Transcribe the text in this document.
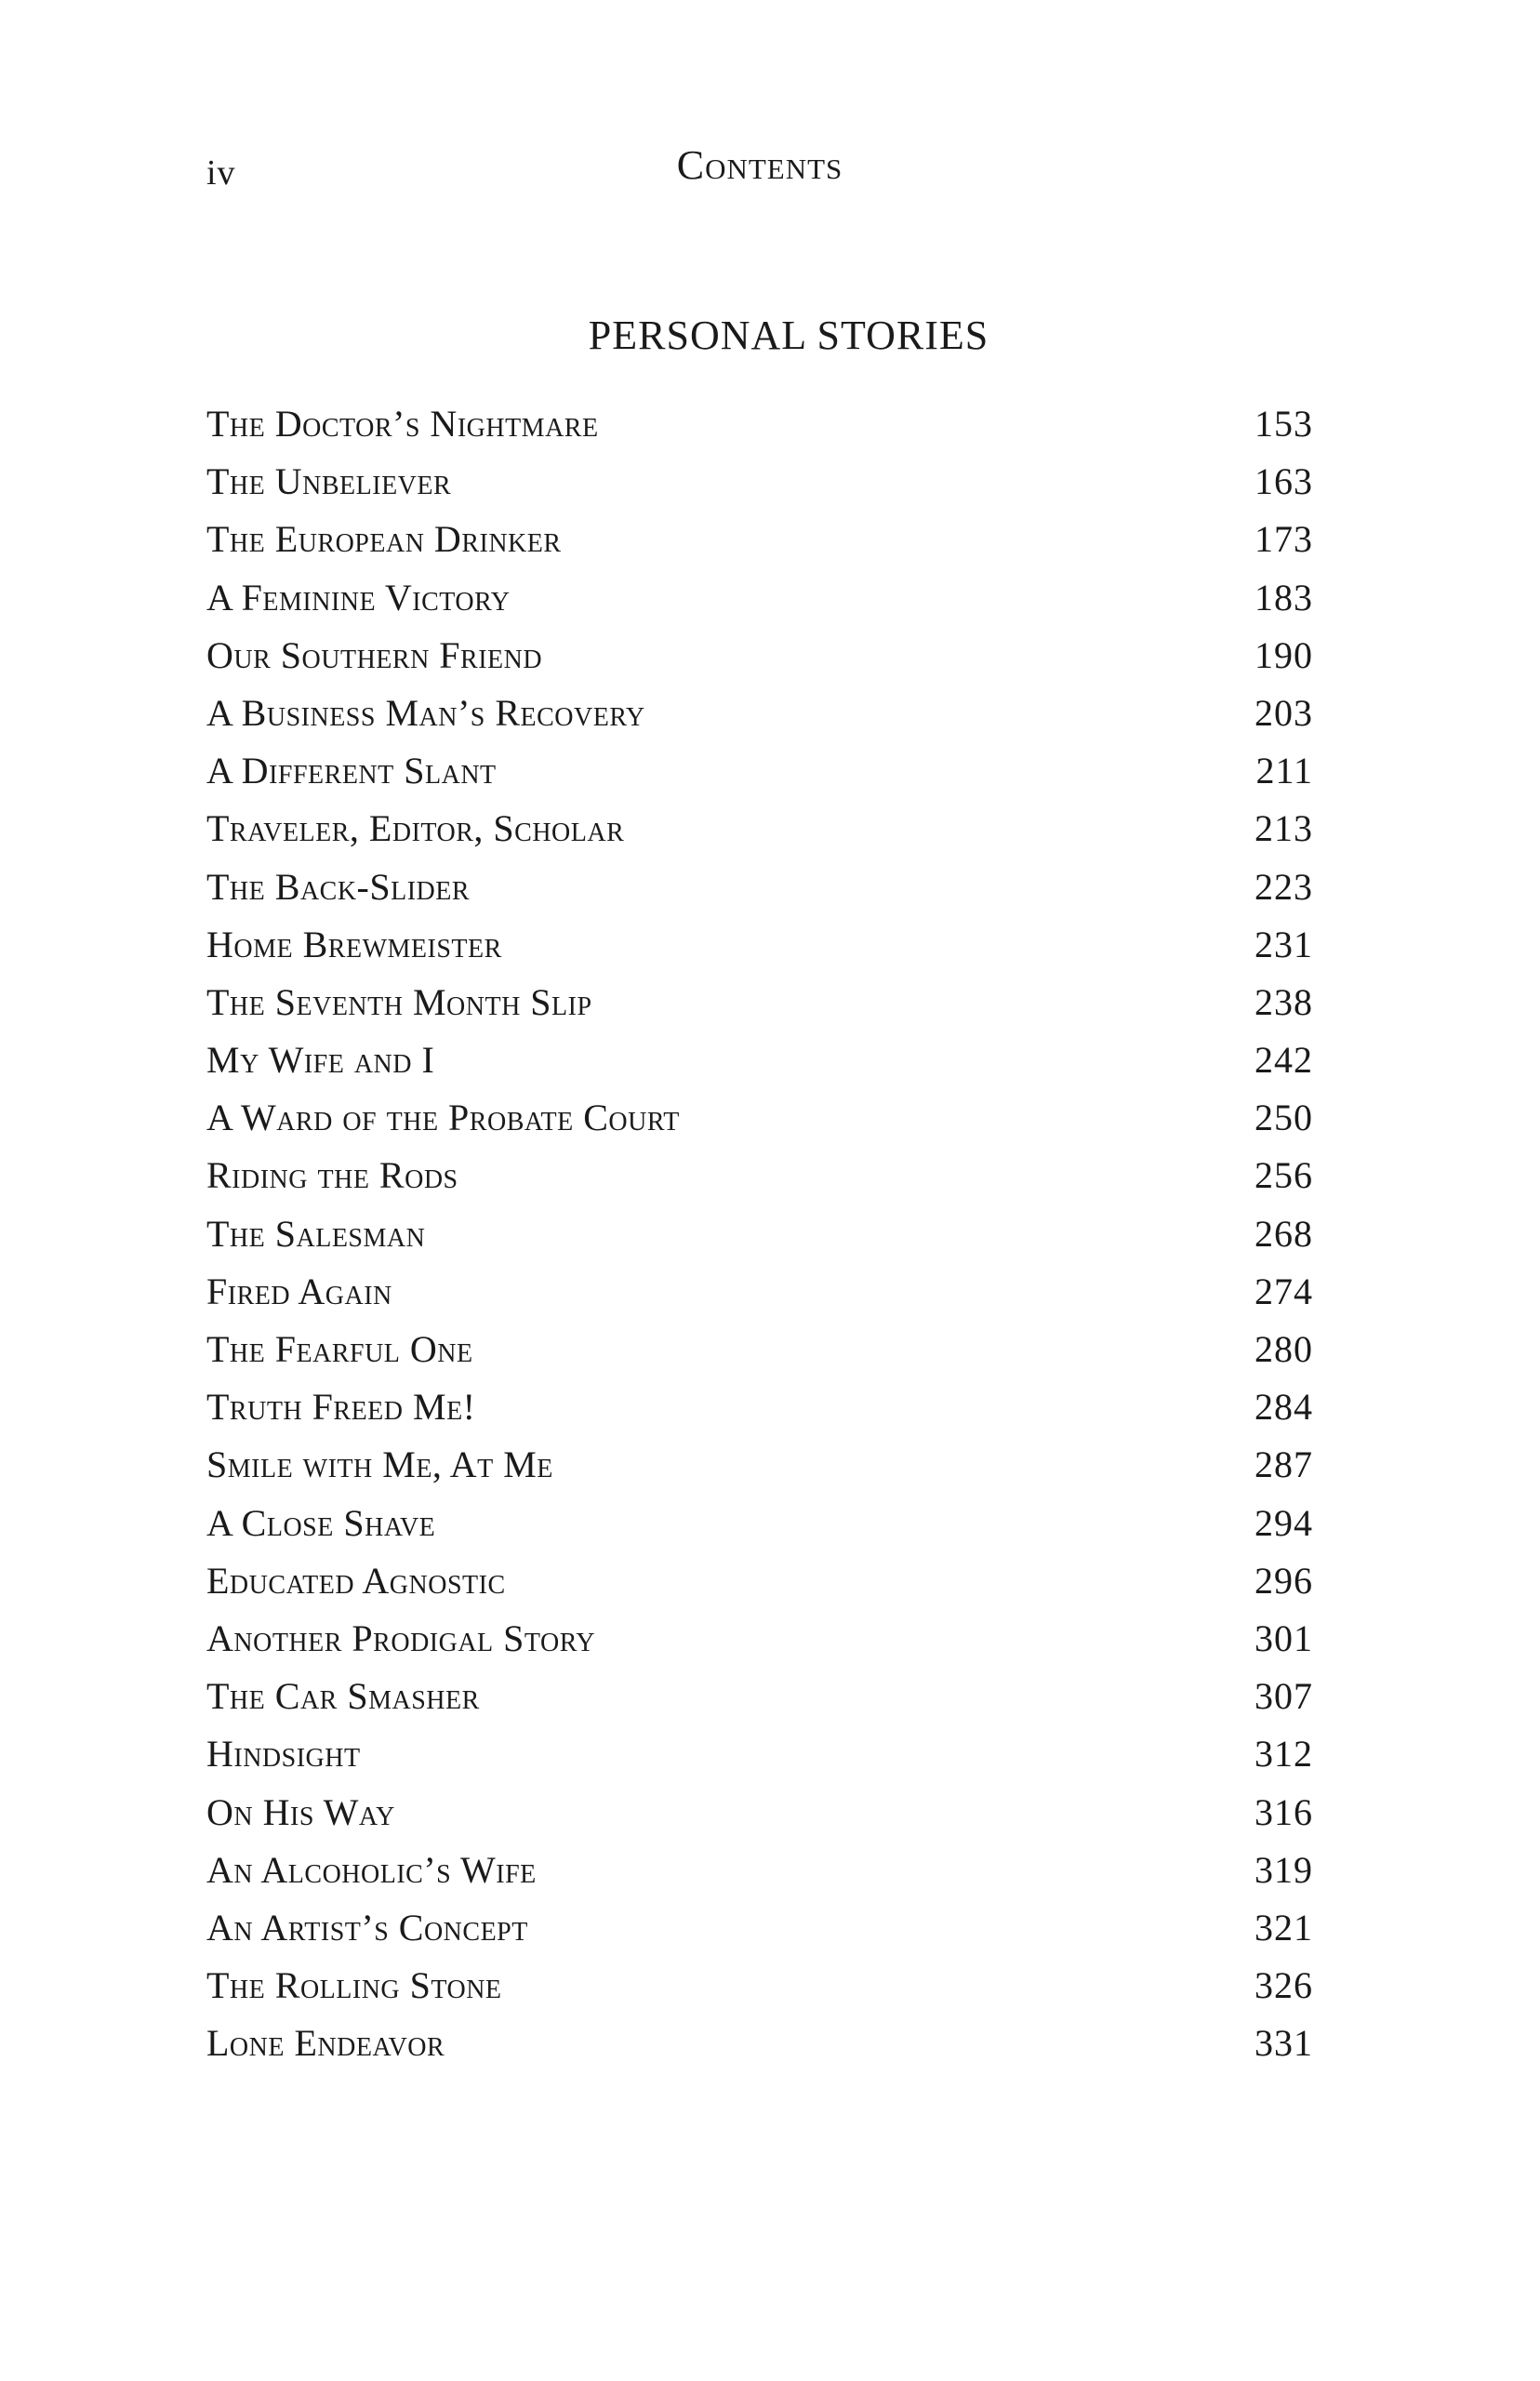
iv	Contents
PERSONAL STORIES
The Doctor’s Nightmare	153
The Unbeliever	163
The European Drinker	173
A Feminine Victory	183
Our Southern Friend	190
A Business Man’s Recovery	203
A Different Slant	211
Traveler, Editor, Scholar	213
The Back-Slider	223
Home Brewmeister	231
The Seventh Month Slip	238
My Wife and I	242
A Ward of the Probate Court	250
Riding the Rods	256
The Salesman	268
Fired Again	274
The Fearful One	280
Truth Freed Me!	284
Smile with Me, At Me	287
A Close Shave	294
Educated Agnostic	296
Another Prodigal Story	301
The Car Smasher	307
Hindsight	312
On His Way	316
An Alcoholic’s Wife	319
An Artist’s Concept	321
The Rolling Stone	326
Lone Endeavor	331
